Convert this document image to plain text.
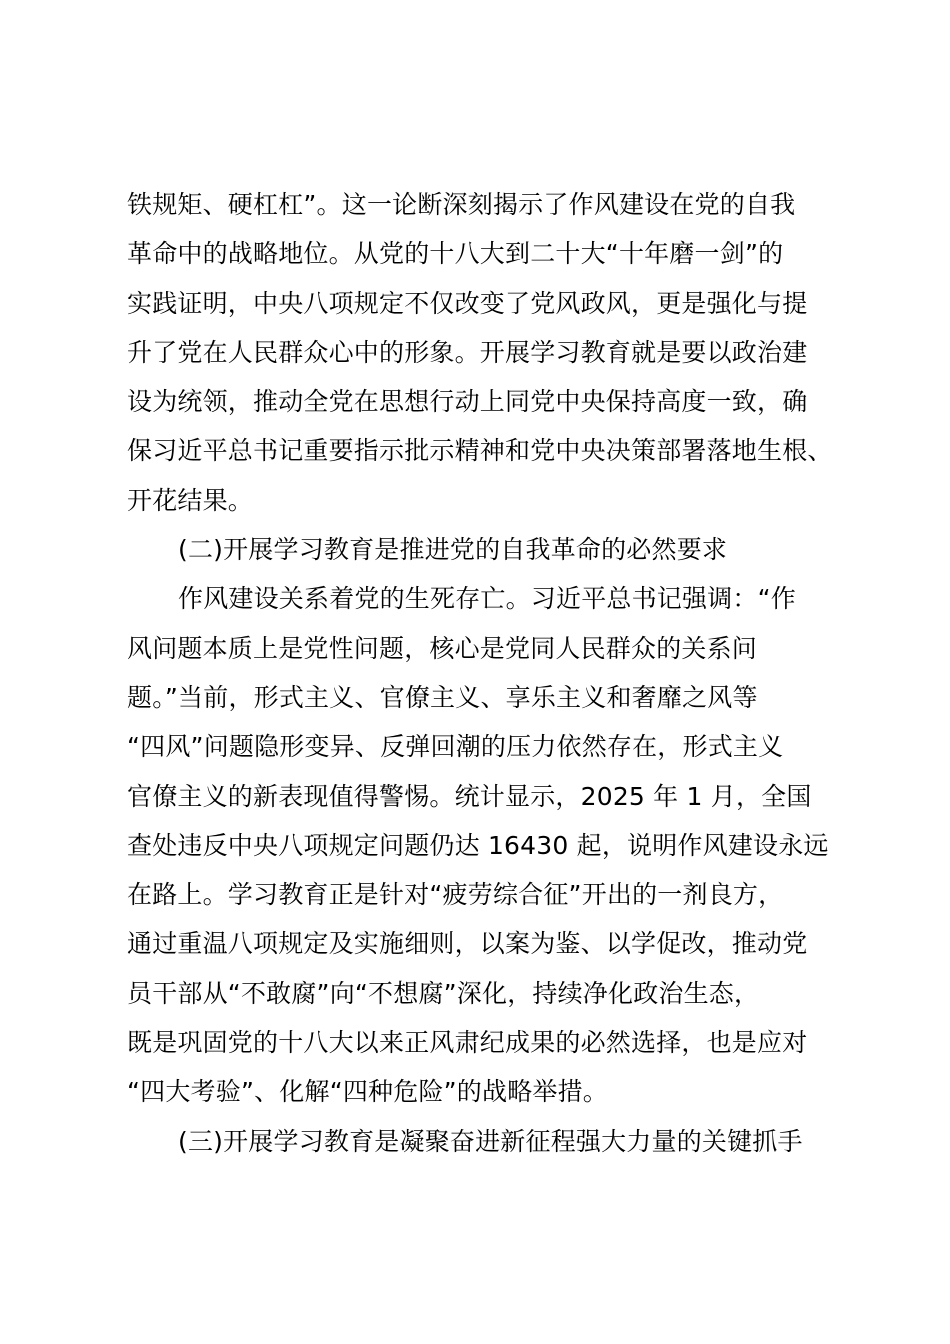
铁规矩、硬杠杠”。这一论断深刻揭示了作风建设在党的自我
革命中的战略地位。从党的十八大到二十大“十年磨一剑”的
实践证明，中央八项规定不仅改变了党风政风，更是强化与提
升了党在人民群众心中的形象。开展学习教育就是要以政治建
设为统领，推动全党在思想行动上同党中央保持高度一致，确
保习近平总书记重要指示批示精神和党中央决策部署落地生根、
开花结果。
(二)开展学习教育是推进党的自我革命的必然要求
作风建设关系着党的生死存亡。习近平总书记强调：“作
风问题本质上是党性问题，核心是党同人民群众的关系问
题。”当前，形式主义、官僚主义、享乐主义和奢靡之风等
“四风”问题隐形变异、反弹回潮的压力依然存在，形式主义
官僚主义的新表现值得警惕。统计显示，2025 年 1 月，全国
查处违反中央八项规定问题仍达 16430 起，说明作风建设永远
在路上。学习教育正是针对“疲劳综合征”开出的一剂良方，
通过重温八项规定及实施细则，以案为鉴、以学促改，推动党
员干部从“不敢腐”向“不想腐”深化，持续净化政治生态，
既是巩固党的十八大以来正风肃纪成果的必然选择，也是应对
“四大考验”、化解“四种危险”的战略举措。
(三)开展学习教育是凝聚奋进新征程强大力量的关键抓手
